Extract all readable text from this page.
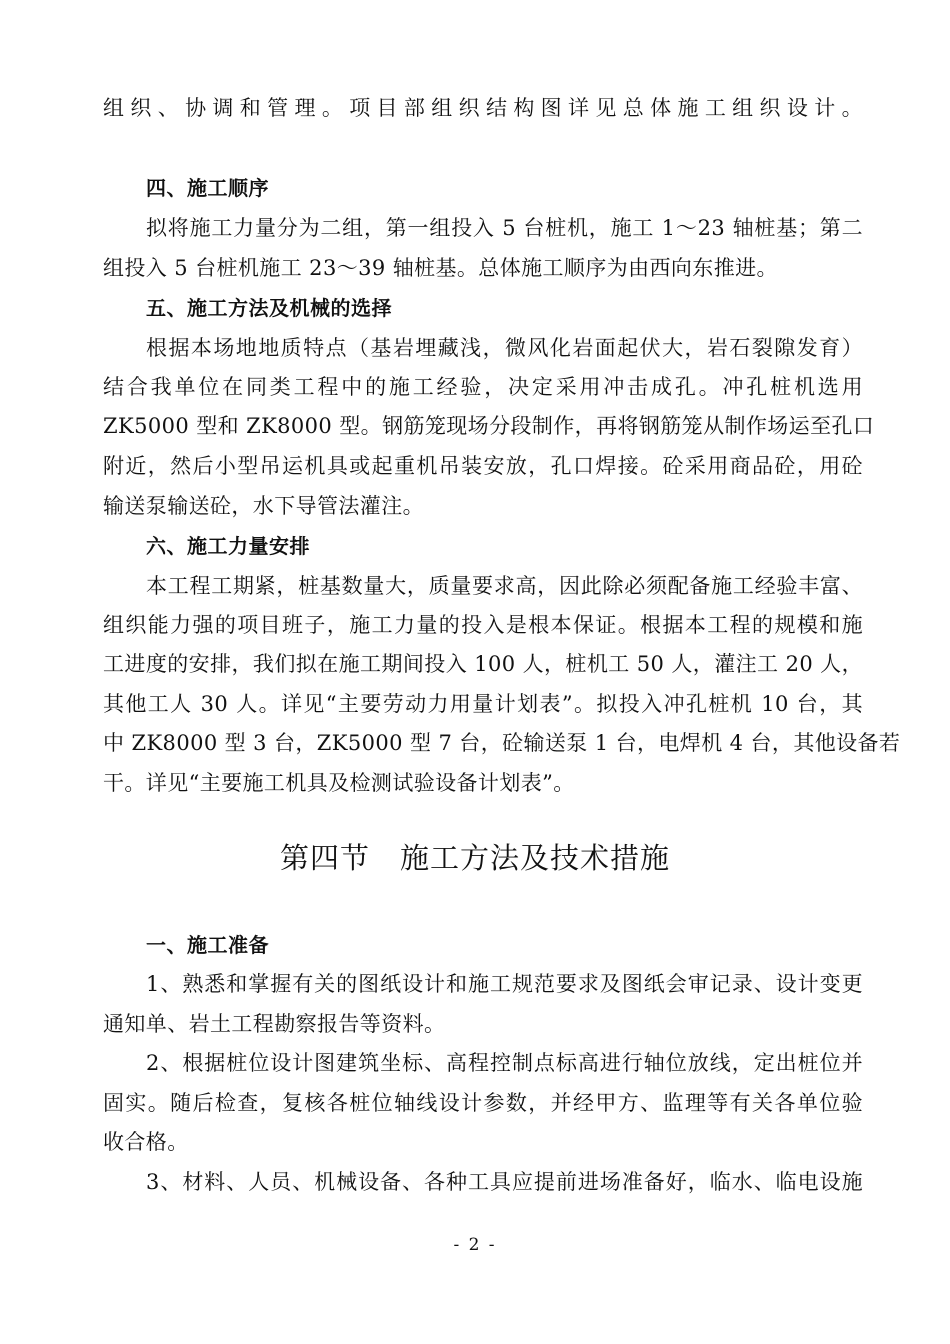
组织、协调和管理。项目部组织结构图详见总体施工组织设计。
四、施工顺序
拟将施工力量分为二组，第一组投入 5 台桩机，施工 1～23 轴桩基；第二
组投入 5 台桩机施工 23～39 轴桩基。总体施工顺序为由西向东推进。
五、施工方法及机械的选择
根据本场地地质特点（基岩埋藏浅，微风化岩面起伏大，岩石裂隙发育）
结合我单位在同类工程中的施工经验，决定采用冲击成孔。冲孔桩机选用
ZK5000 型和 ZK8000 型。钢筋笼现场分段制作，再将钢筋笼从制作场运至孔口
附近，然后小型吊运机具或起重机吊装安放，孔口焊接。砼采用商品砼，用砼
输送泵输送砼，水下导管法灌注。
六、施工力量安排
本工程工期紧，桩基数量大，质量要求高，因此除必须配备施工经验丰富、
组织能力强的项目班子，施工力量的投入是根本保证。根据本工程的规模和施
工进度的安排，我们拟在施工期间投入 100 人，桩机工 50 人，灌注工 20 人，
其他工人 30 人。详见“主要劳动力用量计划表”。拟投入冲孔桩机 10 台，其
中 ZK8000 型 3 台，ZK5000 型 7 台，砼输送泵 1 台，电焊机 4 台，其他设备若
干。详见“主要施工机具及检测试验设备计划表”。
第四节　施工方法及技术措施
一、施工准备
1、熟悉和掌握有关的图纸设计和施工规范要求及图纸会审记录、设计变更
通知单、岩土工程勘察报告等资料。
2、根据桩位设计图建筑坐标、高程控制点标高进行轴位放线，定出桩位并
固实。随后检查，复核各桩位轴线设计参数，并经甲方、监理等有关各单位验
收合格。
3、材料、人员、机械设备、各种工具应提前进场准备好，临水、临电设施
- 2 -
